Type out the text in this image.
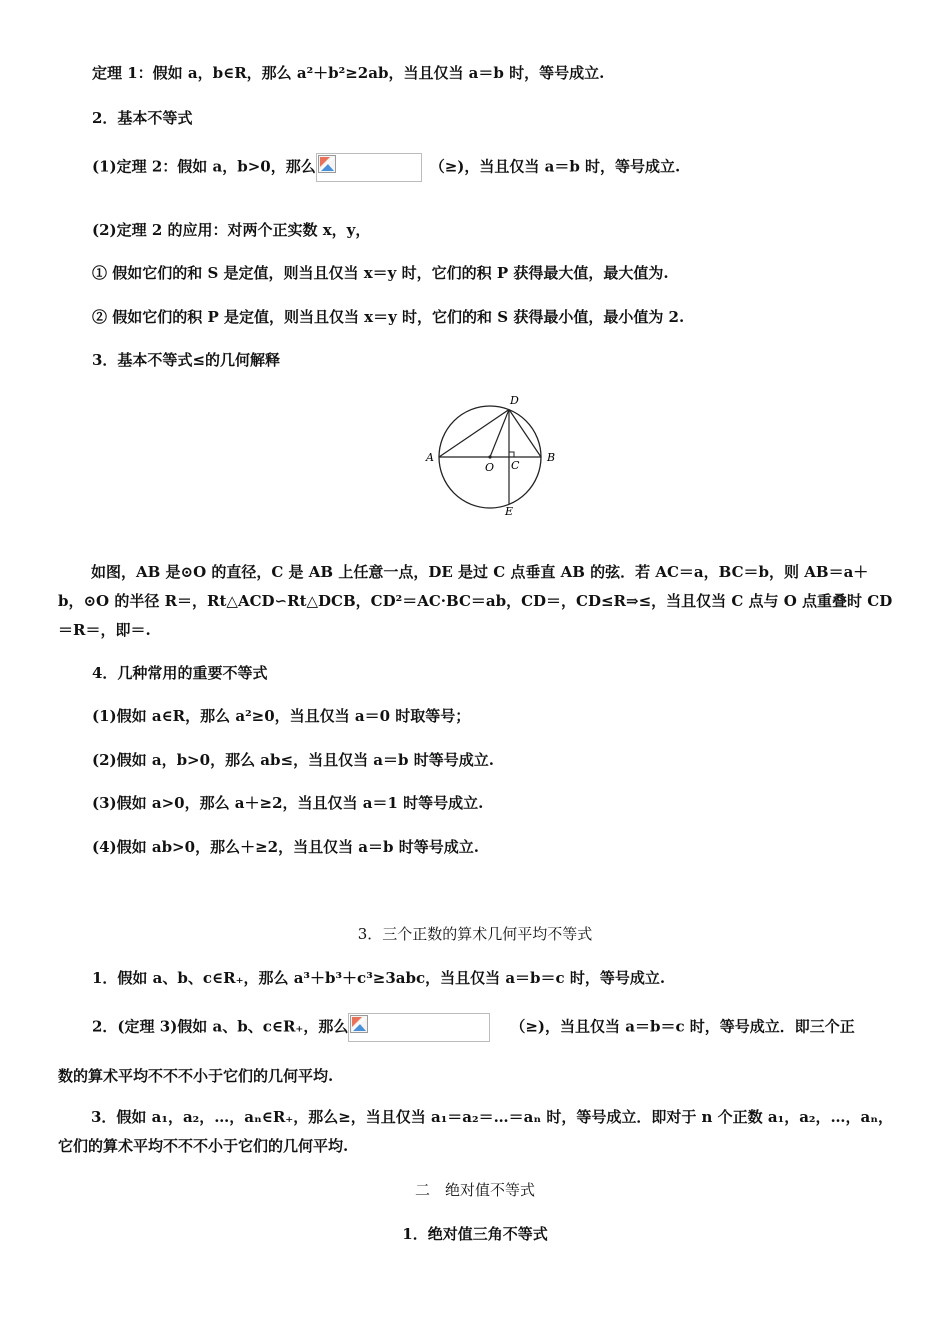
定理 1：假如 a，b∈R，那么 a²＋b²≥2ab，当且仅当 a＝b 时，等号成立.
2．基本不等式
(1)定理 2：假如 a，b>0，那么	（≥)，当且仅当 a＝b 时，等号成立.
(2)定理 2 的应用：对两个正实数 x，y，
① 假如它们的和 S 是定值，则当且仅当 x＝y 时，它们的积 P 获得最大值，最大值为.
② 假如它们的积 P 是定值，则当且仅当 x＝y 时，它们的和 S 获得最小值，最小值为 2.
3．基本不等式≤的几何解释
A	B
O C
D
E
如图，AB 是⊙O 的直径，C 是 AB 上任意一点，DE 是过 C 点垂直 AB 的弦．若 AC＝a，BC＝b，则 AB＝a＋b，⊙O 的半径 R＝，Rt△ACD∽Rt△DCB，CD²＝AC·BC＝ab，CD＝，CD≤R⇒≤，当且仅当 C 点与 O 点重叠时 CD＝R＝，即＝.
4．几种常用的重要不等式
(1)假如 a∈R，那么 a²≥0，当且仅当 a＝0 时取等号；
(2)假如 a，b>0，那么 ab≤，当且仅当 a＝b 时等号成立.
(3)假如 a>0，那么 a＋≥2，当且仅当 a＝1 时等号成立.
(4)假如 ab>0，那么＋≥2，当且仅当 a＝b 时等号成立.
3．三个正数的算术几何平均不等式
1．假如 a、b、c∈R₊，那么 a³＋b³＋c³≥3abc，当且仅当 a＝b＝c 时，等号成立.
2．(定理 3)假如 a、b、c∈R₊，那么	（≥)，当且仅当 a＝b＝c 时，等号成立．即三个正
数的算术平均不不不小于它们的几何平均.
3．假如 a₁，a₂，…，aₙ∈R₊，那么≥，当且仅当 a₁＝a₂＝…＝aₙ 时，等号成立．即对于 n 个正数 a₁，a₂，…，aₙ，它们的算术平均不不不小于它们的几何平均.
二　绝对值不等式
1．绝对值三角不等式
